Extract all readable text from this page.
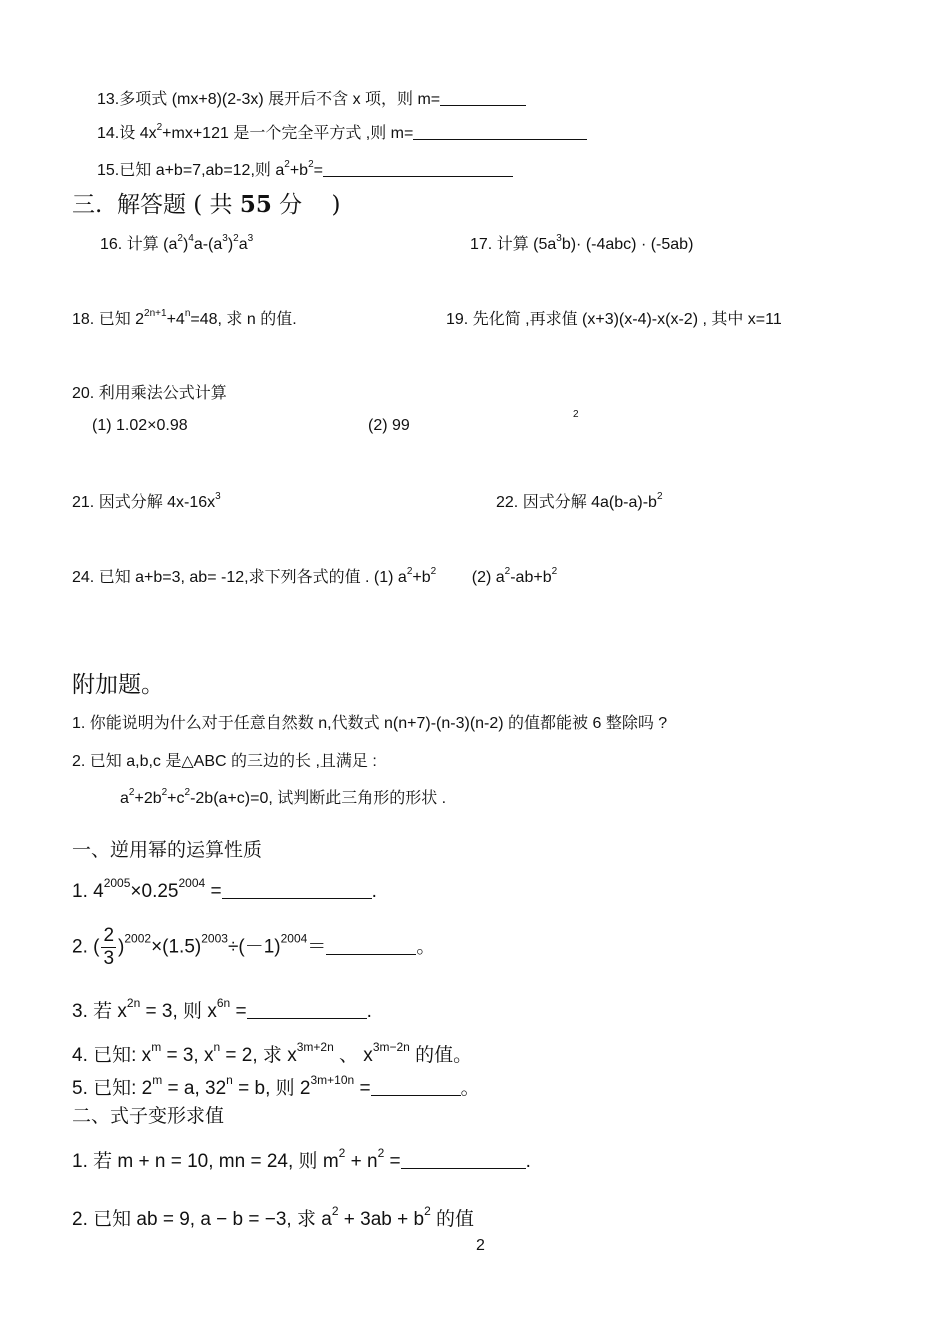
13.多项式 (mx+8)(2-3x) 展开后不含 x 项，则 m=
14.设 $4x^2+mx+121$ 是一个完全平方式 ,则 m=
15.已知 a+b=7,ab=12,则 $a^2+b^2=$
三. 解答题 ( 共 55 分    )
16. 计算 $(a^2)^4a-(a^3)^2a^3$	17. 计算 $(5a^3b)\cdot (-4abc) \cdot (-5ab)$
18. 已知 $2^{2n+1}+4^n=48$, 求 n 的值.	19. 先化简 ,再求值 (x+3)(x-4)-x(x-2) , 其中 x=11
20. 利用乘法公式计算
(1) 1.02×0.98	(2) 99
2
21. 因式分解 $4x-16x^3$	22. 因式分解 $4a(b-a)-b^2$
24. 已知 a+b=3, ab= -12,求下列各式的值 . (1) $a^2+b^2$        (2) $a^2-ab+b^2$
附加题。
1. 你能说明为什么对于任意自然数 n,代数式 n(n+7)-(n-3)(n-2) 的值都能被 6 整除吗 ?
2. 已知 a,b,c 是△ABC 的三边的长 ,且满足 :
$a^2+2b^2+c^2-2b(a+c)=0$, 试判断此三角形的形状 .
一、逆用幂的运算性质
1. $4^{2005}\times 0.25^{2004}$ =	.
2. ( $\frac{2}{3} )^{2002}\times(1.5)^{2003}\div(-1)^{2004}=$	。
3. 若 $x^{2n} = 3$, 则 $x^{6n}$ =	.
4. 已知: $x^m = 3$, $x^n = 2$, 求 $x^{3m+2n}$ 、 $x^{3m-2n}$ 的值。
5. 已知: $2^m = a$, $32^n = b$, 则 $2^{3m+10n}$ =	。
二、式子变形求值
1. 若 m + n = 10, mn = 24, 则 $m^2 + n^2$ =	.
2. 已知 ab = 9, a − b = −3, 求 $a^2 + 3ab + b^2$ 的值
2
